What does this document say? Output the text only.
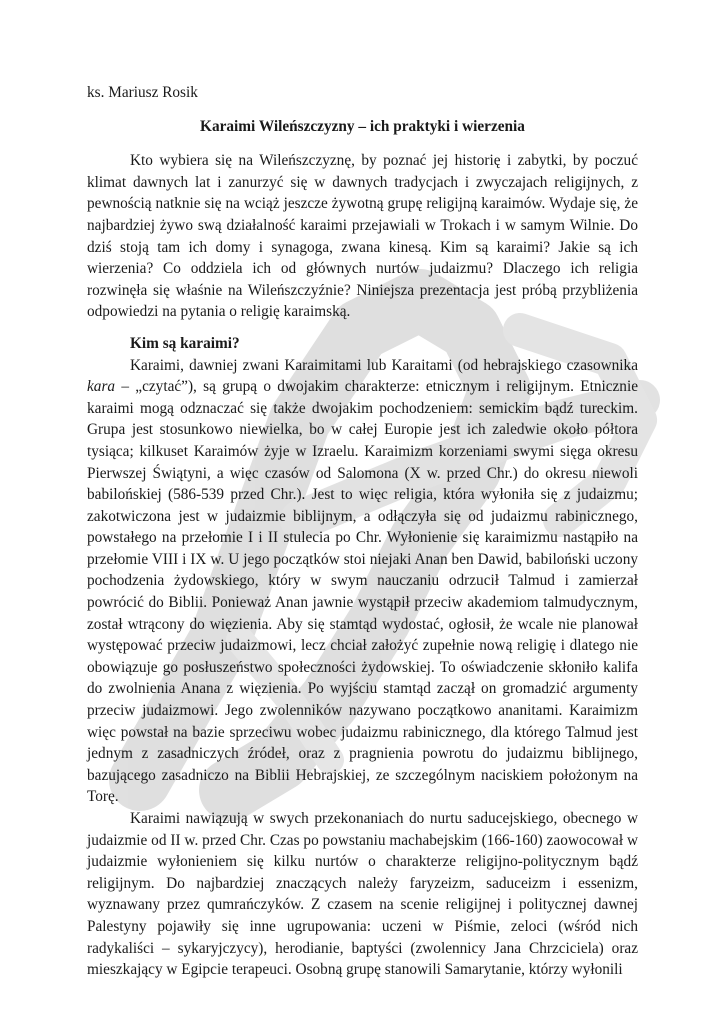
ks. Mariusz Rosik

Karaimi Wileńszczyzny – ich praktyki i wierzenia

Kto wybiera się na Wileńszczyznę, by poznać jej historię i zabytki, by poczuć klimat dawnych lat i zanurzyć się w dawnych tradycjach i zwyczajach religijnych, z pewnością natknie się na wciąż jeszcze żywotną grupę religijną karaimów. Wydaje się, że najbardziej żywo swą działalność karaimi przejawiali w Trokach i w samym Wilnie. Do dziś stoją tam ich domy i synagoga, zwana kinesą. Kim są karaimi? Jakie są ich wierzenia? Co oddziela ich od głównych nurtów judaizmu? Dlaczego ich religia rozwinęła się właśnie na Wileńszczyźnie? Niniejsza prezentacja jest próbą przybliżenia odpowiedzi na pytania o religię karaimską.

Kim są karaimi?

Karaimi, dawniej zwani Karaimitami lub Karaitami (od hebrajskiego czasownika kara – „czytać”), są grupą o dwojakim charakterze: etnicznym i religijnym. Etnicznie karaimi mogą odznaczać się także dwojakim pochodzeniem: semickim bądź tureckim. Grupa jest stosunkowo niewielka, bo w całej Europie jest ich zaledwie około półtora tysiąca; kilkuset Karaimów żyje w Izraelu. Karaimizm korzeniami swymi sięga okresu Pierwszej Świątyni, a więc czasów od Salomona (X w. przed Chr.) do okresu niewoli babilońskiej (586-539 przed Chr.). Jest to więc religia, która wyłoniła się z judaizmu; zakotwiczona jest w judaizmie biblijnym, a odłączyła się od judaizmu rabinicznego, powstałego na przełomie I i II stulecia po Chr. Wyłonienie się karaimizmu nastąpiło na przełomie VIII i IX w. U jego początków stoi niejaki Anan ben Dawid, babiloński uczony pochodzenia żydowskiego, który w swym nauczaniu odrzucił Talmud i zamierzał powrócić do Biblii. Ponieważ Anan jawnie wystąpił przeciw akademiom talmudycznym, został wtrącony do więzienia. Aby się stamtąd wydostać, ogłosił, że wcale nie planował występować przeciw judaizmowi, lecz chciał założyć zupełnie nową religię i dlatego nie obowiązuje go posłuszeństwo społeczności żydowskiej. To oświadczenie skłoniło kalifa do zwolnienia Anana z więzienia. Po wyjściu stamtąd zaczął on gromadzić argumenty przeciw judaizmowi. Jego zwolenników nazywano początkowo ananitami. Karaimizm więc powstał na bazie sprzeciwu wobec judaizmu rabinicznego, dla którego Talmud jest jednym z zasadniczych źródeł, oraz z pragnienia powrotu do judaizmu biblijnego, bazującego zasadniczo na Biblii Hebrajskiej, ze szczególnym naciskiem położonym na Torę.

Karaimi nawiązują w swych przekonaniach do nurtu saducejskiego, obecnego w judaizmie od II w. przed Chr. Czas po powstaniu machabejskim (166-160) zaowocował w judaizmie wyłonieniem się kilku nurtów o charakterze religijno-politycznym bądź religijnym. Do najbardziej znaczących należy faryzeizm, saduceizm i essenizm, wyznawany przez qumrańczyków. Z czasem na scenie religijnej i politycznej dawnej Palestyny pojawiły się inne ugrupowania: uczeni w Piśmie, zeloci (wśród nich radykaliści – sykaryjczycy), herodianie, baptyści (zwolennicy Jana Chrzciciela) oraz mieszkający w Egipcie terapeuci. Osobną grupę stanowili Samarytanie, którzy wyłonili
